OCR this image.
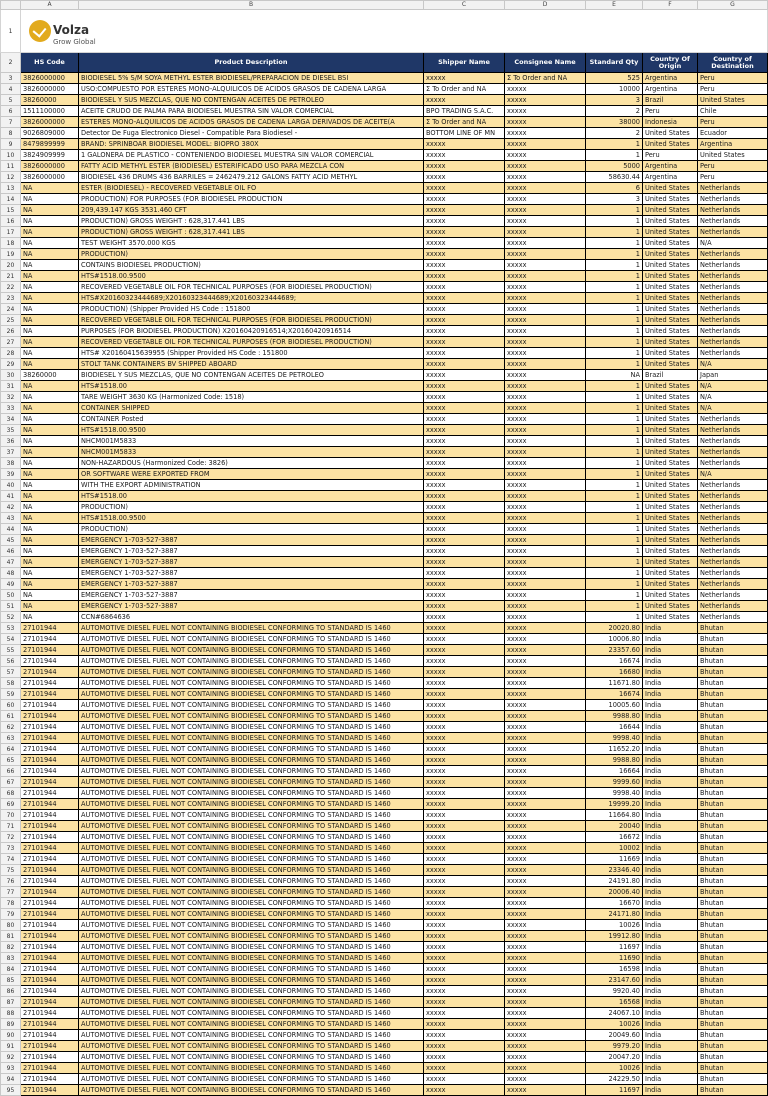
	A	B	C	D	E	F	G
1	Volza
Grow Global						

2	HS Code	Product Description	Shipper Name	Consignee Name	Standard Qty	Country Of Origin	Country of Destination
3	3826000000	BIODIESEL 5% S/M SOYA METHYL ESTER BIODIESEL/PREPARACION DE DIESEL BSI	xxxxx	Σ To Order and NA	525	Argentina	Peru
4	3826000000	USO:COMPUESTO POR ESTERES MONO-ALQUILICOS DE ACIDOS GRASOS DE CADENA LARGA	Σ To Order and NA	xxxxx	10000	Argentina	Peru
5	38260000	BIODIESEL Y SUS MEZCLAS, QUE NO CONTENGAN ACEITES DE PETROLEO	xxxxx	xxxxx	3	Brazil	United States
6	1511100000	ACEITE CRUDO DE PALMA PARA BIODIESEL MUESTRA SIN VALOR COMERCIAL	BPO TRADING S.A.C.	xxxxx	2	Peru	Chile
7	3826000000	ESTERES MONO-ALQUILICOS DE ACIDOS GRASOS DE CADENA LARGA DERIVADOS DE ACEITE(A	Σ To Order and NA	xxxxx	38000	Indonesia	Peru
8	9026809000	Detector De Fuga Electronico Diesel - Compatible Para Biodiesel -	BOTTOM LINE OF MN	xxxxx	2	United States	Ecuador
9	8479899999	BRAND: SPRINBOAR BIODIESEL MODEL: BIOPRO 380X	xxxxx	xxxxx	1	United States	Argentina
10	3824909999	1 GALONERA DE PLASTICO - CONTENIENDO BIODIESEL MUESTRA SIN VALOR COMERCIAL	xxxxx	xxxxx	1	Peru	United States
11	3826000000	FATTY ACID METHYL ESTER (BIODIESEL) ESTERIFICADO USO PARA MEZCLA CON	xxxxx	xxxxx	5000	Argentina	Peru
12	3826000000	BIODIESEL 436 DRUMS 436 BARRILES = 2462479.212 GALONS FATTY ACID METHYL	xxxxx	xxxxx	58630.44	Argentina	Peru
13	NA	ESTER (BIODIESEL) - RECOVERED VEGETABLE OIL FO	xxxxx	xxxxx	6	United States	Netherlands
14	NA	PRODUCTION) FOR PURPOSES (FOR BIODIESEL PRODUCTION	xxxxx	xxxxx	3	United States	Netherlands
15	NA	209,439.147 KGS 3531.460 CFT	xxxxx	xxxxx	1	United States	Netherlands
16	NA	PRODUCTION) GROSS WEIGHT : 628,317.441 LBS	xxxxx	xxxxx	1	United States	Netherlands
17	NA	PRODUCTION) GROSS WEIGHT : 628,317.441 LBS	xxxxx	xxxxx	1	United States	Netherlands
18	NA	TEST WEIGHT 3570.000 KGS	xxxxx	xxxxx	1	United States	N/A
19	NA	PRODUCTION)	xxxxx	xxxxx	1	United States	Netherlands
20	NA	CONTAINS BIODIESEL PRODUCTION)	xxxxx	xxxxx	1	United States	Netherlands
21	NA	HTS#1518.00.9500	xxxxx	xxxxx	1	United States	Netherlands
22	NA	RECOVERED VEGETABLE OIL FOR TECHNICAL PURPOSES (FOR BIODIESEL PRODUCTION)	xxxxx	xxxxx	1	United States	Netherlands
23	NA	HTS#X20160323444689;X20160323444689;X20160323444689;	xxxxx	xxxxx	1	United States	Netherlands
24	NA	PRODUCTION) (Shipper Provided HS Code : 151800	xxxxx	xxxxx	1	United States	Netherlands
25	NA	RECOVERED VEGETABLE OIL FOR TECHNICAL PURPOSES (FOR BIODIESEL PRODUCTION)	xxxxx	xxxxx	1	United States	Netherlands
26	NA	PURPOSES (FOR BIODIESEL PRODUCTION) X20160420916514;X20160420916514	xxxxx	xxxxx	1	United States	Netherlands
27	NA	RECOVERED VEGETABLE OIL FOR TECHNICAL PURPOSES (FOR BIODIESEL PRODUCTION)	xxxxx	xxxxx	1	United States	Netherlands
28	NA	HTS# X20160415639955 (Shipper Provided HS Code : 151800	xxxxx	xxxxx	1	United States	Netherlands
29	NA	STOLT TANK CONTAINERS BV SHIPPED ABOARD	xxxxx	xxxxx	1	United States	N/A
30	38260000	BIODIESEL Y SUS MEZCLAS, QUE NO CONTENGAN ACEITES DE PETROLEO	xxxxx	xxxxx	NA	Brazil	Japan
31	NA	HTS#1518.00	xxxxx	xxxxx	1	United States	N/A
32	NA	TARE WEIGHT 3630 KG (Harmonized Code: 1518)	xxxxx	xxxxx	1	United States	N/A
33	NA	CONTAINER SHIPPED	xxxxx	xxxxx	1	United States	N/A
34	NA	CONTAINER Posted	xxxxx	xxxxx	1	United States	Netherlands
35	NA	HTS#1518.00.9500	xxxxx	xxxxx	1	United States	Netherlands
36	NA	NHCM001M5833	xxxxx	xxxxx	1	United States	Netherlands
37	NA	NHCM001M5833	xxxxx	xxxxx	1	United States	Netherlands
38	NA	NON-HAZARDOUS (Harmonized Code: 3826)	xxxxx	xxxxx	1	United States	Netherlands
39	NA	OR SOFTWARE WERE EXPORTED FROM	xxxxx	xxxxx	1	United States	N/A
40	NA	WITH THE EXPORT ADMINISTRATION	xxxxx	xxxxx	1	United States	Netherlands
41	NA	HTS#1518.00	xxxxx	xxxxx	1	United States	Netherlands
42	NA	PRODUCTION)	xxxxx	xxxxx	1	United States	Netherlands
43	NA	HTS#1518.00.9500	xxxxx	xxxxx	1	United States	Netherlands
44	NA	PRODUCTION)	xxxxx	xxxxx	1	United States	Netherlands
45	NA	EMERGENCY 1-703-527-3887	xxxxx	xxxxx	1	United States	Netherlands
46	NA	EMERGENCY 1-703-527-3887	xxxxx	xxxxx	1	United States	Netherlands
47	NA	EMERGENCY 1-703-527-3887	xxxxx	xxxxx	1	United States	Netherlands
48	NA	EMERGENCY 1-703-527-3887	xxxxx	xxxxx	1	United States	Netherlands
49	NA	EMERGENCY 1-703-527-3887	xxxxx	xxxxx	1	United States	Netherlands
50	NA	EMERGENCY 1-703-527-3887	xxxxx	xxxxx	1	United States	Netherlands
51	NA	EMERGENCY 1-703-527-3887	xxxxx	xxxxx	1	United States	Netherlands
52	NA	CCN#6864636	xxxxx	xxxxx	1	United States	Netherlands
53	27101944	AUTOMOTIVE DIESEL FUEL NOT CONTAINING BIODIESEL CONFORMING TO STANDARD IS 1460	xxxxx	xxxxx	20020.80	India	Bhutan
54	27101944	AUTOMOTIVE DIESEL FUEL NOT CONTAINING BIODIESEL CONFORMING TO STANDARD IS 1460	xxxxx	xxxxx	10006.80	India	Bhutan
55	27101944	AUTOMOTIVE DIESEL FUEL NOT CONTAINING BIODIESEL CONFORMING TO STANDARD IS 1460	xxxxx	xxxxx	23357.60	India	Bhutan
56	27101944	AUTOMOTIVE DIESEL FUEL NOT CONTAINING BIODIESEL CONFORMING TO STANDARD IS 1460	xxxxx	xxxxx	16674	India	Bhutan
57	27101944	AUTOMOTIVE DIESEL FUEL NOT CONTAINING BIODIESEL CONFORMING TO STANDARD IS 1460	xxxxx	xxxxx	16680	India	Bhutan
58	27101944	AUTOMOTIVE DIESEL FUEL NOT CONTAINING BIODIESEL CONFORMING TO STANDARD IS 1460	xxxxx	xxxxx	11671.80	India	Bhutan
59	27101944	AUTOMOTIVE DIESEL FUEL NOT CONTAINING BIODIESEL CONFORMING TO STANDARD IS 1460	xxxxx	xxxxx	16674	India	Bhutan
60	27101944	AUTOMOTIVE DIESEL FUEL NOT CONTAINING BIODIESEL CONFORMING TO STANDARD IS 1460	xxxxx	xxxxx	10005.60	India	Bhutan
61	27101944	AUTOMOTIVE DIESEL FUEL NOT CONTAINING BIODIESEL CONFORMING TO STANDARD IS 1460	xxxxx	xxxxx	9988.80	India	Bhutan
62	27101944	AUTOMOTIVE DIESEL FUEL NOT CONTAINING BIODIESEL CONFORMING TO STANDARD IS 1460	xxxxx	xxxxx	16644	India	Bhutan
63	27101944	AUTOMOTIVE DIESEL FUEL NOT CONTAINING BIODIESEL CONFORMING TO STANDARD IS 1460	xxxxx	xxxxx	9998.40	India	Bhutan
64	27101944	AUTOMOTIVE DIESEL FUEL NOT CONTAINING BIODIESEL CONFORMING TO STANDARD IS 1460	xxxxx	xxxxx	11652.20	India	Bhutan
65	27101944	AUTOMOTIVE DIESEL FUEL NOT CONTAINING BIODIESEL CONFORMING TO STANDARD IS 1460	xxxxx	xxxxx	9988.80	India	Bhutan
66	27101944	AUTOMOTIVE DIESEL FUEL NOT CONTAINING BIODIESEL CONFORMING TO STANDARD IS 1460	xxxxx	xxxxx	16664	India	Bhutan
67	27101944	AUTOMOTIVE DIESEL FUEL NOT CONTAINING BIODIESEL CONFORMING TO STANDARD IS 1460	xxxxx	xxxxx	9999.60	India	Bhutan
68	27101944	AUTOMOTIVE DIESEL FUEL NOT CONTAINING BIODIESEL CONFORMING TO STANDARD IS 1460	xxxxx	xxxxx	9998.40	India	Bhutan
69	27101944	AUTOMOTIVE DIESEL FUEL NOT CONTAINING BIODIESEL CONFORMING TO STANDARD IS 1460	xxxxx	xxxxx	19999.20	India	Bhutan
70	27101944	AUTOMOTIVE DIESEL FUEL NOT CONTAINING BIODIESEL CONFORMING TO STANDARD IS 1460	xxxxx	xxxxx	11664.80	India	Bhutan
71	27101944	AUTOMOTIVE DIESEL FUEL NOT CONTAINING BIODIESEL CONFORMING TO STANDARD IS 1460	xxxxx	xxxxx	20040	India	Bhutan
72	27101944	AUTOMOTIVE DIESEL FUEL NOT CONTAINING BIODIESEL CONFORMING TO STANDARD IS 1460	xxxxx	xxxxx	16672	India	Bhutan
73	27101944	AUTOMOTIVE DIESEL FUEL NOT CONTAINING BIODIESEL CONFORMING TO STANDARD IS 1460	xxxxx	xxxxx	10002	India	Bhutan
74	27101944	AUTOMOTIVE DIESEL FUEL NOT CONTAINING BIODIESEL CONFORMING TO STANDARD IS 1460	xxxxx	xxxxx	11669	India	Bhutan
75	27101944	AUTOMOTIVE DIESEL FUEL NOT CONTAINING BIODIESEL CONFORMING TO STANDARD IS 1460	xxxxx	xxxxx	23346.40	India	Bhutan
76	27101944	AUTOMOTIVE DIESEL FUEL NOT CONTAINING BIODIESEL CONFORMING TO STANDARD IS 1460	xxxxx	xxxxx	24191.80	India	Bhutan
77	27101944	AUTOMOTIVE DIESEL FUEL NOT CONTAINING BIODIESEL CONFORMING TO STANDARD IS 1460	xxxxx	xxxxx	20006.40	India	Bhutan
78	27101944	AUTOMOTIVE DIESEL FUEL NOT CONTAINING BIODIESEL CONFORMING TO STANDARD IS 1460	xxxxx	xxxxx	16670	India	Bhutan
79	27101944	AUTOMOTIVE DIESEL FUEL NOT CONTAINING BIODIESEL CONFORMING TO STANDARD IS 1460	xxxxx	xxxxx	24171.80	India	Bhutan
80	27101944	AUTOMOTIVE DIESEL FUEL NOT CONTAINING BIODIESEL CONFORMING TO STANDARD IS 1460	xxxxx	xxxxx	10026	India	Bhutan
81	27101944	AUTOMOTIVE DIESEL FUEL NOT CONTAINING BIODIESEL CONFORMING TO STANDARD IS 1460	xxxxx	xxxxx	19912.80	India	Bhutan
82	27101944	AUTOMOTIVE DIESEL FUEL NOT CONTAINING BIODIESEL CONFORMING TO STANDARD IS 1460	xxxxx	xxxxx	11697	India	Bhutan
83	27101944	AUTOMOTIVE DIESEL FUEL NOT CONTAINING BIODIESEL CONFORMING TO STANDARD IS 1460	xxxxx	xxxxx	11690	India	Bhutan
84	27101944	AUTOMOTIVE DIESEL FUEL NOT CONTAINING BIODIESEL CONFORMING TO STANDARD IS 1460	xxxxx	xxxxx	16598	India	Bhutan
85	27101944	AUTOMOTIVE DIESEL FUEL NOT CONTAINING BIODIESEL CONFORMING TO STANDARD IS 1460	xxxxx	xxxxx	23147.60	India	Bhutan
86	27101944	AUTOMOTIVE DIESEL FUEL NOT CONTAINING BIODIESEL CONFORMING TO STANDARD IS 1460	xxxxx	xxxxx	9920.40	India	Bhutan
87	27101944	AUTOMOTIVE DIESEL FUEL NOT CONTAINING BIODIESEL CONFORMING TO STANDARD IS 1460	xxxxx	xxxxx	16568	India	Bhutan
88	27101944	AUTOMOTIVE DIESEL FUEL NOT CONTAINING BIODIESEL CONFORMING TO STANDARD IS 1460	xxxxx	xxxxx	24067.10	India	Bhutan
89	27101944	AUTOMOTIVE DIESEL FUEL NOT CONTAINING BIODIESEL CONFORMING TO STANDARD IS 1460	xxxxx	xxxxx	10026	India	Bhutan
90	27101944	AUTOMOTIVE DIESEL FUEL NOT CONTAINING BIODIESEL CONFORMING TO STANDARD IS 1460	xxxxx	xxxxx	20049.60	India	Bhutan
91	27101944	AUTOMOTIVE DIESEL FUEL NOT CONTAINING BIODIESEL CONFORMING TO STANDARD IS 1460	xxxxx	xxxxx	9979.20	India	Bhutan
92	27101944	AUTOMOTIVE DIESEL FUEL NOT CONTAINING BIODIESEL CONFORMING TO STANDARD IS 1460	xxxxx	xxxxx	20047.20	India	Bhutan
93	27101944	AUTOMOTIVE DIESEL FUEL NOT CONTAINING BIODIESEL CONFORMING TO STANDARD IS 1460	xxxxx	xxxxx	10026	India	Bhutan
94	27101944	AUTOMOTIVE DIESEL FUEL NOT CONTAINING BIODIESEL CONFORMING TO STANDARD IS 1460	xxxxx	xxxxx	24229.50	India	Bhutan
95	27101944	AUTOMOTIVE DIESEL FUEL NOT CONTAINING BIODIESEL CONFORMING TO STANDARD IS 1460	xxxxx	xxxxx	11697	India	Bhutan
